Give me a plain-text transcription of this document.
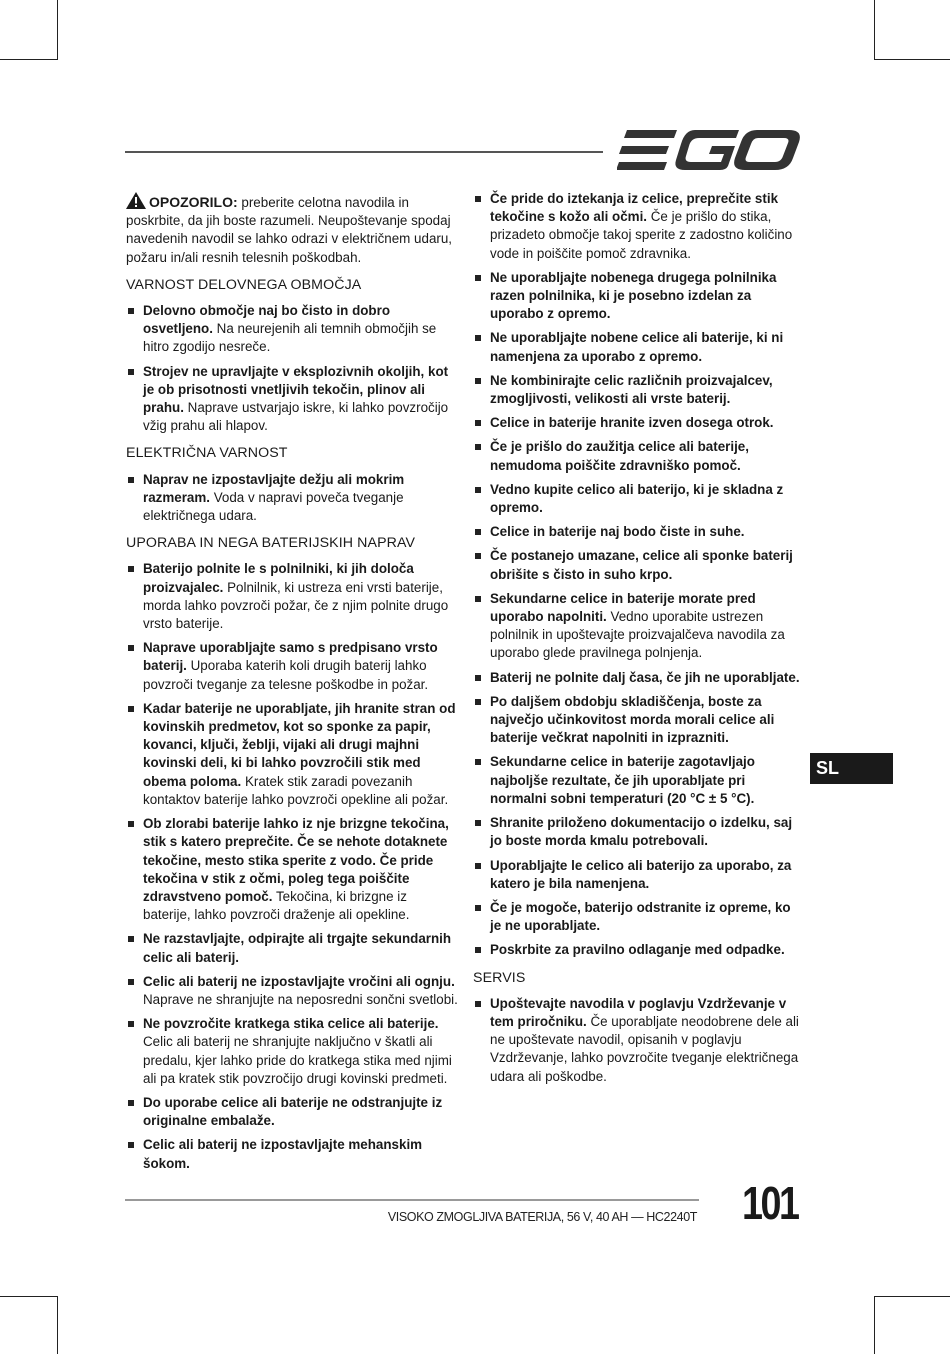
OPOZORILO: preberite celotna navodila in poskrbite, da jih boste razumeli. Neupoštevanje spodaj navedenih navodil se lahko odrazi v električnem udaru, požaru in/ali resnih telesnih poškodbah.

VARNOST DELOVNEGA OBMOČJA
Delovno območje naj bo čisto in dobro osvetljeno. Na neurejenih ali temnih območjih se hitro zgodijo nesreče.
Strojev ne upravljajte v eksplozivnih okoljih, kot je ob prisotnosti vnetljivih tekočin, plinov ali prahu. Naprave ustvarjajo iskre, ki lahko povzročijo vžig prahu ali hlapov.
ELEKTRIČNA VARNOST
Naprav ne izpostavljajte dežju ali mokrim razmeram. Voda v napravi poveča tveganje električnega udara.
UPORABA IN NEGA BATERIJSKIH NAPRAV
Baterijo polnite le s polnilniki, ki jih določa proizvajalec. Polnilnik, ki ustreza eni vrsti baterije, morda lahko povzroči požar, če z njim polnite drugo vrsto baterije.
Naprave uporabljajte samo s predpisano vrsto baterij. Uporaba katerih koli drugih baterij lahko povzroči tveganje za telesne poškodbe in požar.
Kadar baterije ne uporabljate, jih hranite stran od kovinskih predmetov, kot so sponke za papir, kovanci, ključi, žeblji, vijaki ali drugi majhni kovinski deli, ki bi lahko povzročili stik med obema poloma. Kratek stik zaradi povezanih kontaktov baterije lahko povzroči opekline ali požar.
Ob zlorabi baterije lahko iz nje brizgne tekočina, stik s katero preprečite. Če se nehote dotaknete tekočine, mesto stika sperite z vodo. Če pride tekočina v stik z očmi, poleg tega poiščite zdravstveno pomoč. Tekočina, ki brizgne iz baterije, lahko povzroči draženje ali opekline.
Ne razstavljajte, odpirajte ali trgajte sekundarnih celic ali baterij.
Celic ali baterij ne izpostavljajte vročini ali ognju. Naprave ne shranjujte na neposredni sončni svetlobi.
Ne povzročite kratkega stika celice ali baterije. Celic ali baterij ne shranjujte naključno v škatli ali predalu, kjer lahko pride do kratkega stika med njimi ali pa kratek stik povzročijo drugi kovinski predmeti.
Do uporabe celice ali baterije ne odstranjujte iz originalne embalaže.
Celic ali baterij ne izpostavljajte mehanskim šokom.
Če pride do iztekanja iz celice, preprečite stik tekočine s kožo ali očmi. Če je prišlo do stika, prizadeto območje takoj sperite z zadostno količino vode in poiščite pomoč zdravnika.
Ne uporabljajte nobenega drugega polnilnika razen polnilnika, ki je posebno izdelan za uporabo z opremo.
Ne uporabljajte nobene celice ali baterije, ki ni namenjena za uporabo z opremo.
Ne kombinirajte celic različnih proizvajalcev, zmogljivosti, velikosti ali vrste baterij.
Celice in baterije hranite izven dosega otrok.
Če je prišlo do zaužitja celice ali baterije, nemudoma poiščite zdravniško pomoč.
Vedno kupite celico ali baterijo, ki je skladna z opremo.
Celice in baterije naj bodo čiste in suhe.
Če postanejo umazane, celice ali sponke baterij obrišite s čisto in suho krpo.
Sekundarne celice in baterije morate pred uporabo napolniti. Vedno uporabite ustrezen polnilnik in upoštevajte proizvajalčeva navodila za uporabo glede pravilnega polnjenja.
Baterij ne polnite dalj časa, če jih ne uporabljate.
Po daljšem obdobju skladiščenja, boste za največjo učinkovitost morda morali celice ali baterije večkrat napolniti in izprazniti.
Sekundarne celice in baterije zagotavljajo najboljše rezultate, če jih uporabljate pri normalni sobni temperaturi (20 °C ± 5 °C).
Shranite priloženo dokumentacijo o izdelku, saj jo boste morda kmalu potrebovali.
Uporabljajte le celico ali baterijo za uporabo, za katero je bila namenjena.
Če je mogoče, baterijo odstranite iz opreme, ko je ne uporabljate.
Poskrbite za pravilno odlaganje med odpadke.
SERVIS
Upoštevajte navodila v poglavju Vzdrževanje v tem priročniku. Če uporabljate neodobrene dele ali ne upoštevate navodil, opisanih v poglavju Vzdrževanje, lahko povzročite tveganje električnega udara ali poškodbe.
SL
VISOKO ZMOGLJIVA BATERIJA, 56 V, 40 AH — HC2240T 101
